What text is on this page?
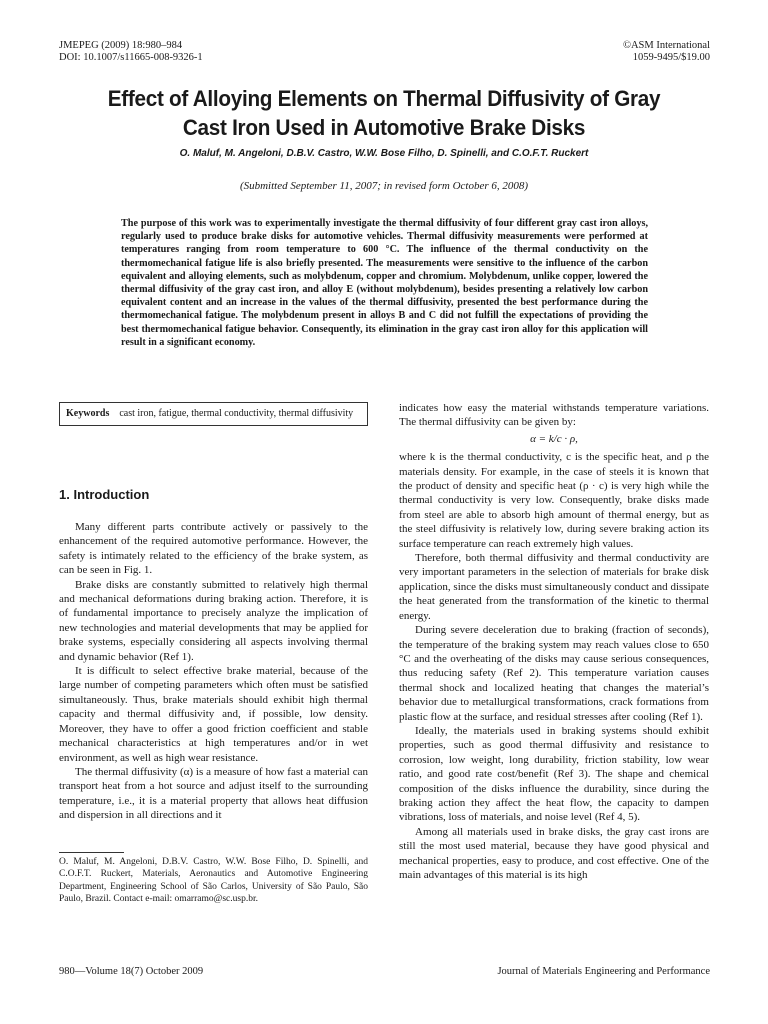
JMEPEG (2009) 18:980–984
DOI: 10.1007/s11665-008-9326-1
©ASM International
1059-9495/$19.00
Effect of Alloying Elements on Thermal Diffusivity of Gray
Cast Iron Used in Automotive Brake Disks
O. Maluf, M. Angeloni, D.B.V. Castro, W.W. Bose Filho, D. Spinelli, and C.O.F.T. Ruckert
(Submitted September 11, 2007; in revised form October 6, 2008)
The purpose of this work was to experimentally investigate the thermal diffusivity of four different gray cast iron alloys, regularly used to produce brake disks for automotive vehicles. Thermal diffusivity measurements were performed at temperatures ranging from room temperature to 600 °C. The influence of the thermal conductivity on the thermomechanical fatigue life is also briefly presented. The measurements were sensitive to the influence of the carbon equivalent and alloying elements, such as molybdenum, copper and chromium. Molybdenum, unlike copper, lowered the thermal diffusivity of the gray cast iron, and alloy E (without molybdenum), besides presenting a relatively low carbon equivalent content and an increase in the values of the thermal diffusivity, presented the best performance during the thermomechanical fatigue. The molybdenum present in alloys B and C did not fulfill the expectations of providing the best thermomechanical fatigue behavior. Consequently, its elimination in the gray cast iron alloy for this application will result in a significant economy.
Keywords cast iron, fatigue, thermal conductivity, thermal diffusivity
1. Introduction

Many different parts contribute actively or passively to the enhancement of the required automotive performance. However, the safety is intimately related to the efficiency of the brake system, as can be seen in Fig. 1.

Brake disks are constantly submitted to relatively high thermal and mechanical deformations during braking action. Therefore, it is of fundamental importance to precisely analyze the implication of new technologies and material developments that may be applied for brake systems, especially considering all aspects involving thermal and dynamic behavior (Ref 1).

It is difficult to select effective brake material, because of the large number of competing parameters which often must be satisfied simultaneously. Thus, brake materials should exhibit high thermal capacity and thermal diffusivity and, if possible, low density. Moreover, they have to offer a good friction coefficient and stable mechanical characteristics at high temperatures and/or in wet environment, as well as high wear resistance.

The thermal diffusivity (α) is a measure of how fast a material can transport heat from a hot source and adjust itself to the surrounding temperature, i.e., it is a material property that allows heat diffusion and dispersion in all directions and it

O. Maluf, M. Angeloni, D.B.V. Castro, W.W. Bose Filho, D. Spinelli, and C.O.F.T. Ruckert, Materials, Aeronautics and Automotive Engineering Department, Engineering School of São Carlos, University of São Paulo, São Paulo, Brazil. Contact e-mail: omarramo@sc.usp.br.

indicates how easy the material withstands temperature variations. The thermal diffusivity can be given by:

α = k/c · ρ,

where k is the thermal conductivity, c is the specific heat, and ρ the materials density. For example, in the case of steels it is known that the product of density and specific heat (ρ · c) is very high while the thermal conductivity is very low. Consequently, brake disks made from steel are able to absorb high amount of thermal energy, but as the steel diffusivity is relatively low, during severe braking action its surface temperature can reach extremely high values.

Therefore, both thermal diffusivity and thermal conductivity are very important parameters in the selection of materials for brake disk application, since the disks must simultaneously conduct and dissipate the heat generated from the transformation of the kinetic to thermal energy.

During severe deceleration due to braking (fraction of seconds), the temperature of the braking system may reach values close to 650 °C and the overheating of the disks may cause serious consequences, thus reducing safety (Ref 2). This temperature variation causes thermal shock and localized heating that changes the material’s behavior due to metallurgical transformations, crack formations from plastic flow at the surface, and residual stresses after cooling (Ref 1).

Ideally, the materials used in braking systems should exhibit properties, such as good thermal diffusivity and resistance to corrosion, low weight, long durability, friction stability, low wear ratio, and good rate cost/benefit (Ref 3). The shape and chemical composition of the disks influence the durability, since during the braking action they affect the heat flow, the capacity to dampen vibrations, loss of materials, and noise level (Ref 4, 5).

Among all materials used in brake disks, the gray cast irons are still the most used material, because they have good physical and mechanical properties, easy to produce, and cost effective. One of the main advantages of this material is its high

980—Volume 18(7) October 2009	Journal of Materials Engineering and Performance
